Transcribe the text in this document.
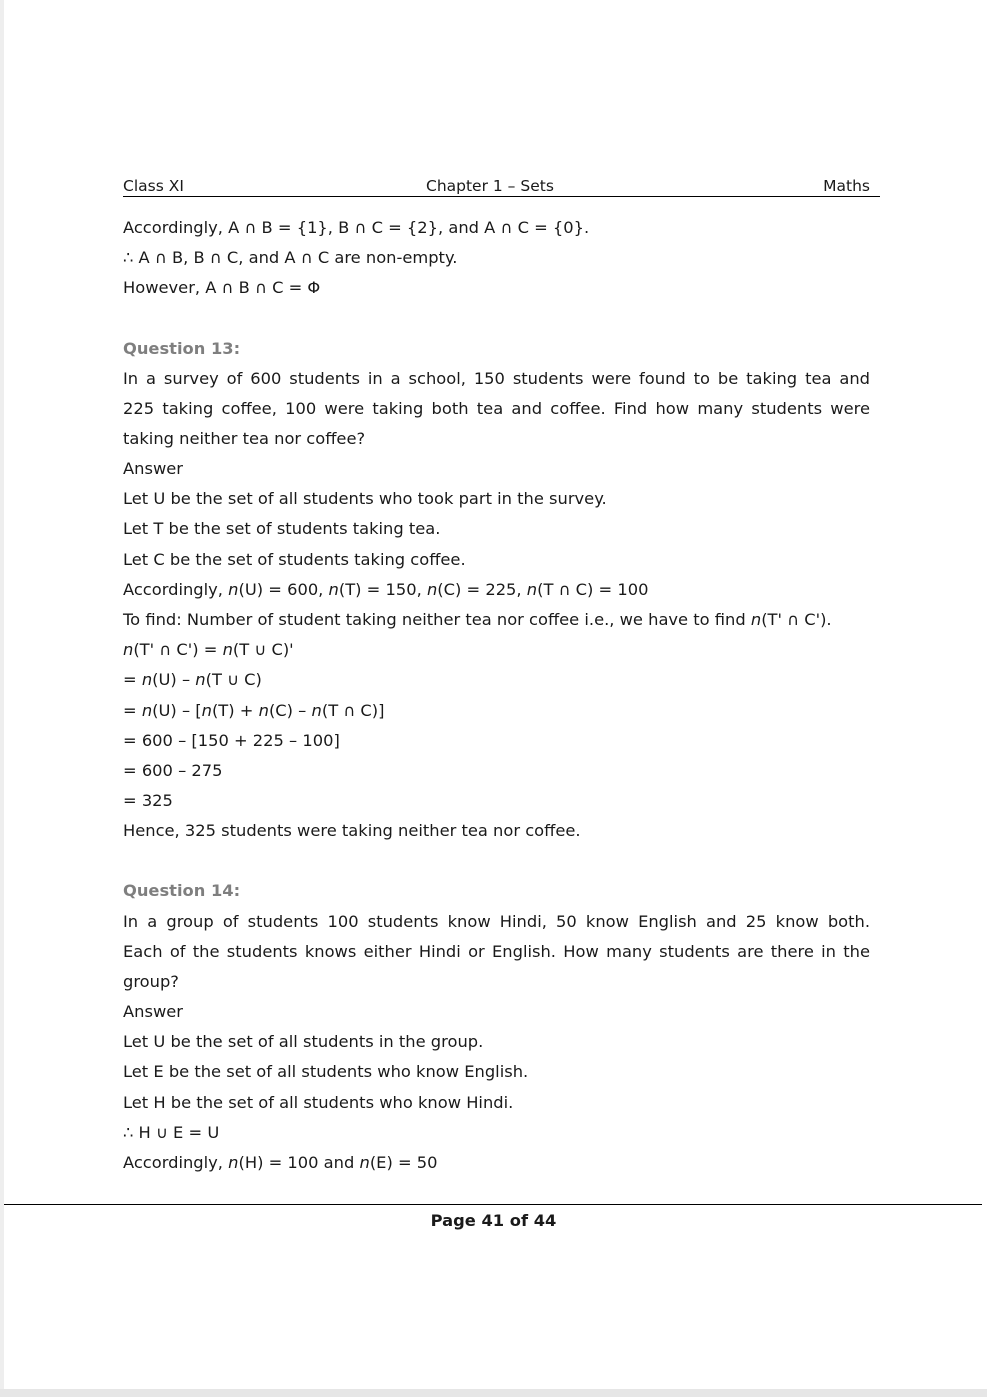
Class XI	Chapter 1 – Sets	Maths
Accordingly, A ∩ B = {1}, B ∩ C = {2}, and A ∩ C = {0}.
∴ A ∩ B, B ∩ C, and A ∩ C are non-empty.
However, A ∩ B ∩ C = Φ
Question 13:
In a survey of 600 students in a school, 150 students were found to be taking tea and
225 taking coffee, 100 were taking both tea and coffee. Find how many students were
taking neither tea nor coffee?
Answer
Let U be the set of all students who took part in the survey.
Let T be the set of students taking tea.
Let C be the set of students taking coffee.
Accordingly, n(U) = 600, n(T) = 150, n(C) = 225, n(T ∩ C) = 100
To find: Number of student taking neither tea nor coffee i.e., we have to find n(T' ∩ C').
n(T' ∩ C') = n(T ∪ C)'
= n(U) – n(T ∪ C)
= n(U) – [n(T) + n(C) – n(T ∩ C)]
= 600 – [150 + 225 – 100]
= 600 – 275
= 325
Hence, 325 students were taking neither tea nor coffee.
Question 14:
In a group of students 100 students know Hindi, 50 know English and 25 know both.
Each of the students knows either Hindi or English. How many students are there in the
group?
Answer
Let U be the set of all students in the group.
Let E be the set of all students who know English.
Let H be the set of all students who know Hindi.
∴ H ∪ E = U
Accordingly, n(H) = 100 and n(E) = 50
Page 41 of 44
